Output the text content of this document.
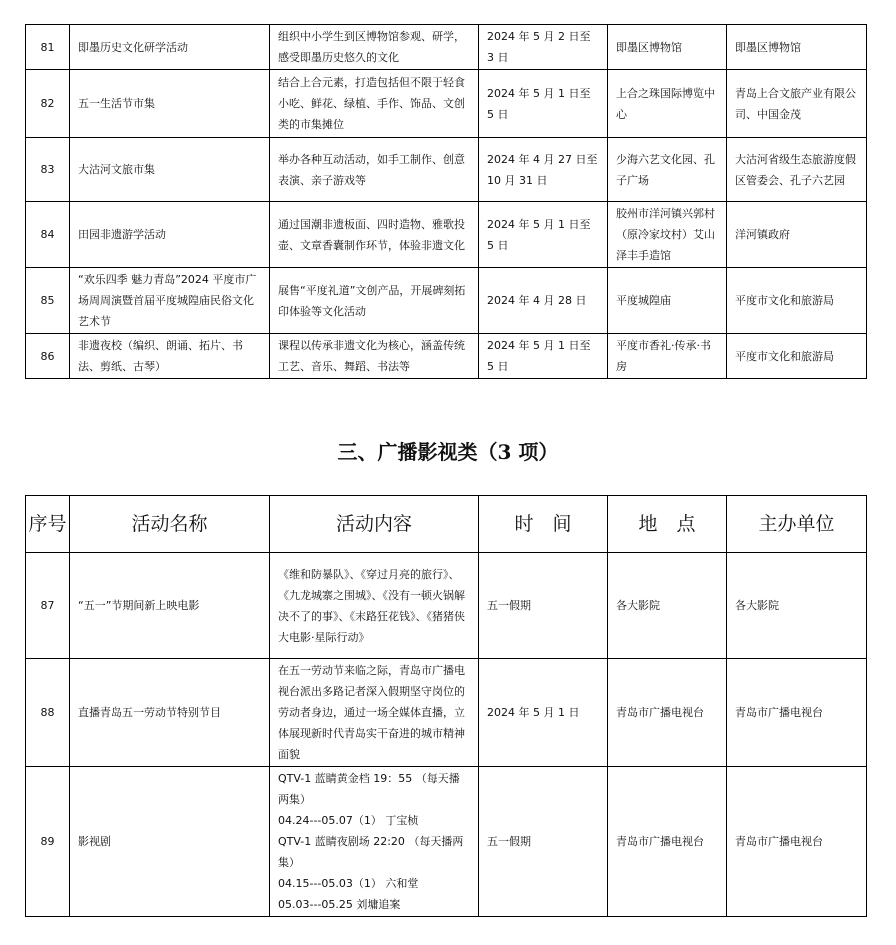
81	即墨历史文化研学活动	组织中小学生到区博物馆参观、研学，感受即墨历史悠久的文化	2024 年 5 月 2 日至 3 日	即墨区博物馆	即墨区博物馆
82	五一生活节市集	结合上合元素，打造包括但不限于轻食小吃、鲜花、绿植、手作、饰品、文创类的市集摊位	2024 年 5 月 1 日至 5 日	上合之珠国际博览中心	青岛上合文旅产业有限公司、中国金茂
83	大沽河文旅市集	举办各种互动活动，如手工制作、创意表演、亲子游戏等	2024 年 4 月 27 日至 10 月 31 日	少海六艺文化园、孔子广场	大沽河省级生态旅游度假区管委会、孔子六艺园
84	田园非遗游学活动	通过国潮非遗板面、四时造物、雅歌投壶、文章香囊制作环节，体验非遗文化	2024 年 5 月 1 日至 5 日	胶州市洋河镇兴郭村（原冷家坟村）艾山泽丰手造馆	洋河镇政府
85	“欢乐四季 魅力青岛”2024 平度市广场周周演暨首届平度城隍庙民俗文化艺术节	展售“平度礼道”文创产品，开展碑刻拓印体验等文化活动	2024 年 4 月 28 日	平度城隍庙	平度市文化和旅游局
86	非遗夜校（编织、朗诵、拓片、书法、剪纸、古琴）	课程以传承非遗文化为核心，涵盖传统工艺、音乐、舞蹈、书法等	2024 年 5 月 1 日至 5 日	平度市香礼·传承·书房	平度市文化和旅游局
三、广播影视类（3 项）
序号	活动名称	活动内容	时　间	地　点	主办单位
87	“五一”节期间新上映电影	《维和防暴队》、《穿过月亮的旅行》、《九龙城寨之围城》、《没有一顿火锅解决不了的事》、《末路狂花钱》、《猪猪侠大电影·星际行动》	五一假期	各大影院	各大影院
88	直播青岛五一劳动节特别节目	在五一劳动节来临之际，青岛市广播电视台派出多路记者深入假期坚守岗位的劳动者身边，通过一场全媒体直播，立体展现新时代青岛实干奋进的城市精神面貌	2024 年 5 月 1 日	青岛市广播电视台	青岛市广播电视台
89	影视剧	QTV-1 蓝睛黄金档 19：55 （每天播两集）
04.24---05.07（1） 丁宝桢
QTV-1 蓝睛夜剧场 22:20 （每天播两集）
04.15---05.03（1） 六和堂
05.03---05.25 刘墉追案	五一假期	青岛市广播电视台	青岛市广播电视台
